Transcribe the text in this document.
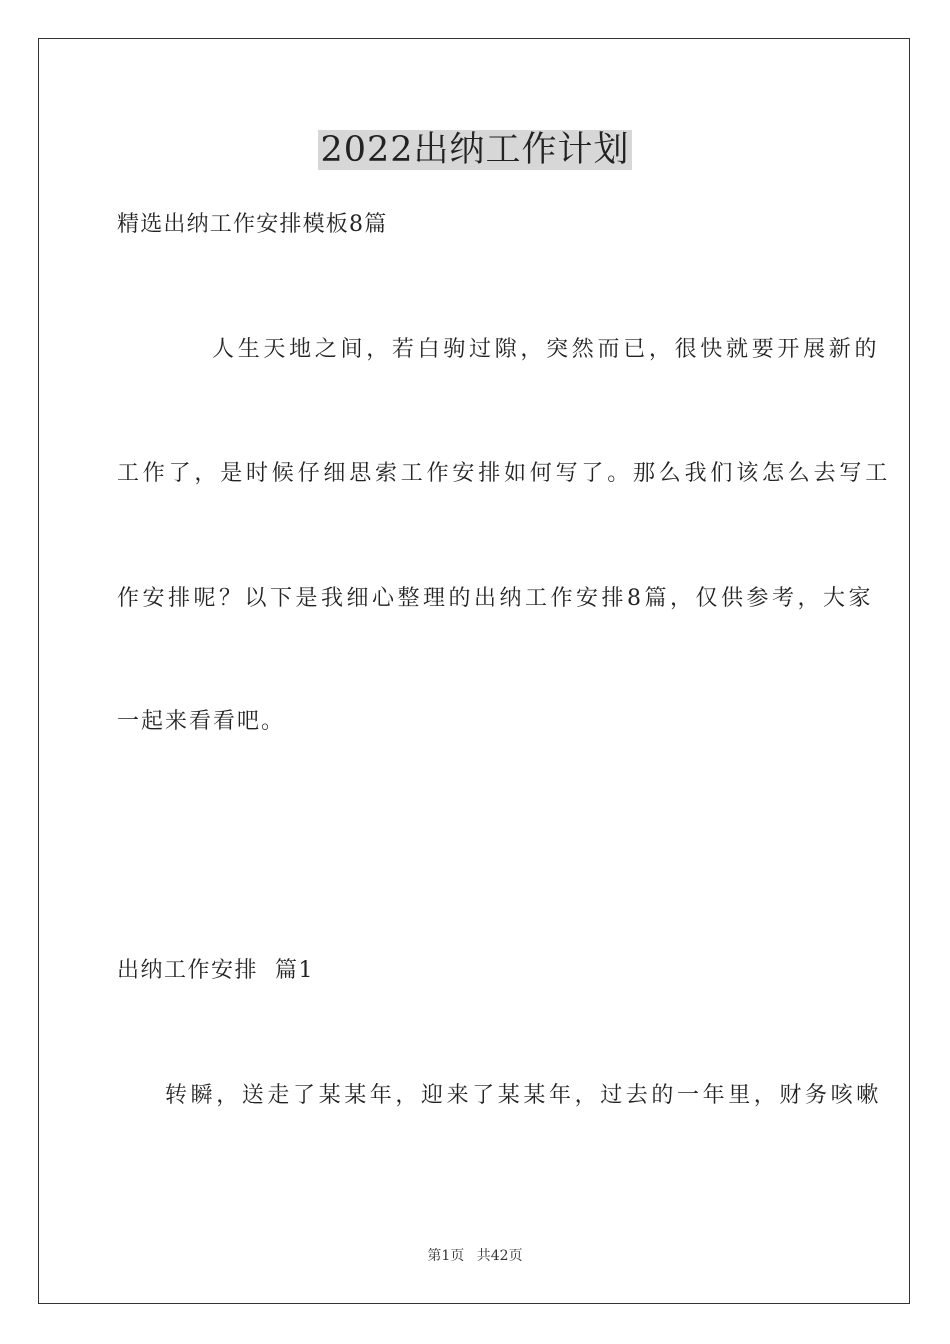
2022出纳工作计划
精选出纳工作安排模板8篇
人生天地之间，若白驹过隙，突然而已，很快就要开展新的
工作了，是时候仔细思索工作安排如何写了。那么我们该怎么去写工
作安排呢？以下是我细心整理的出纳工作安排8篇，仅供参考，大家
一起来看看吧。
出纳工作安排  篇1
转瞬，送走了某某年，迎来了某某年，过去的一年里，财务咳嗽
第1页 共42页
